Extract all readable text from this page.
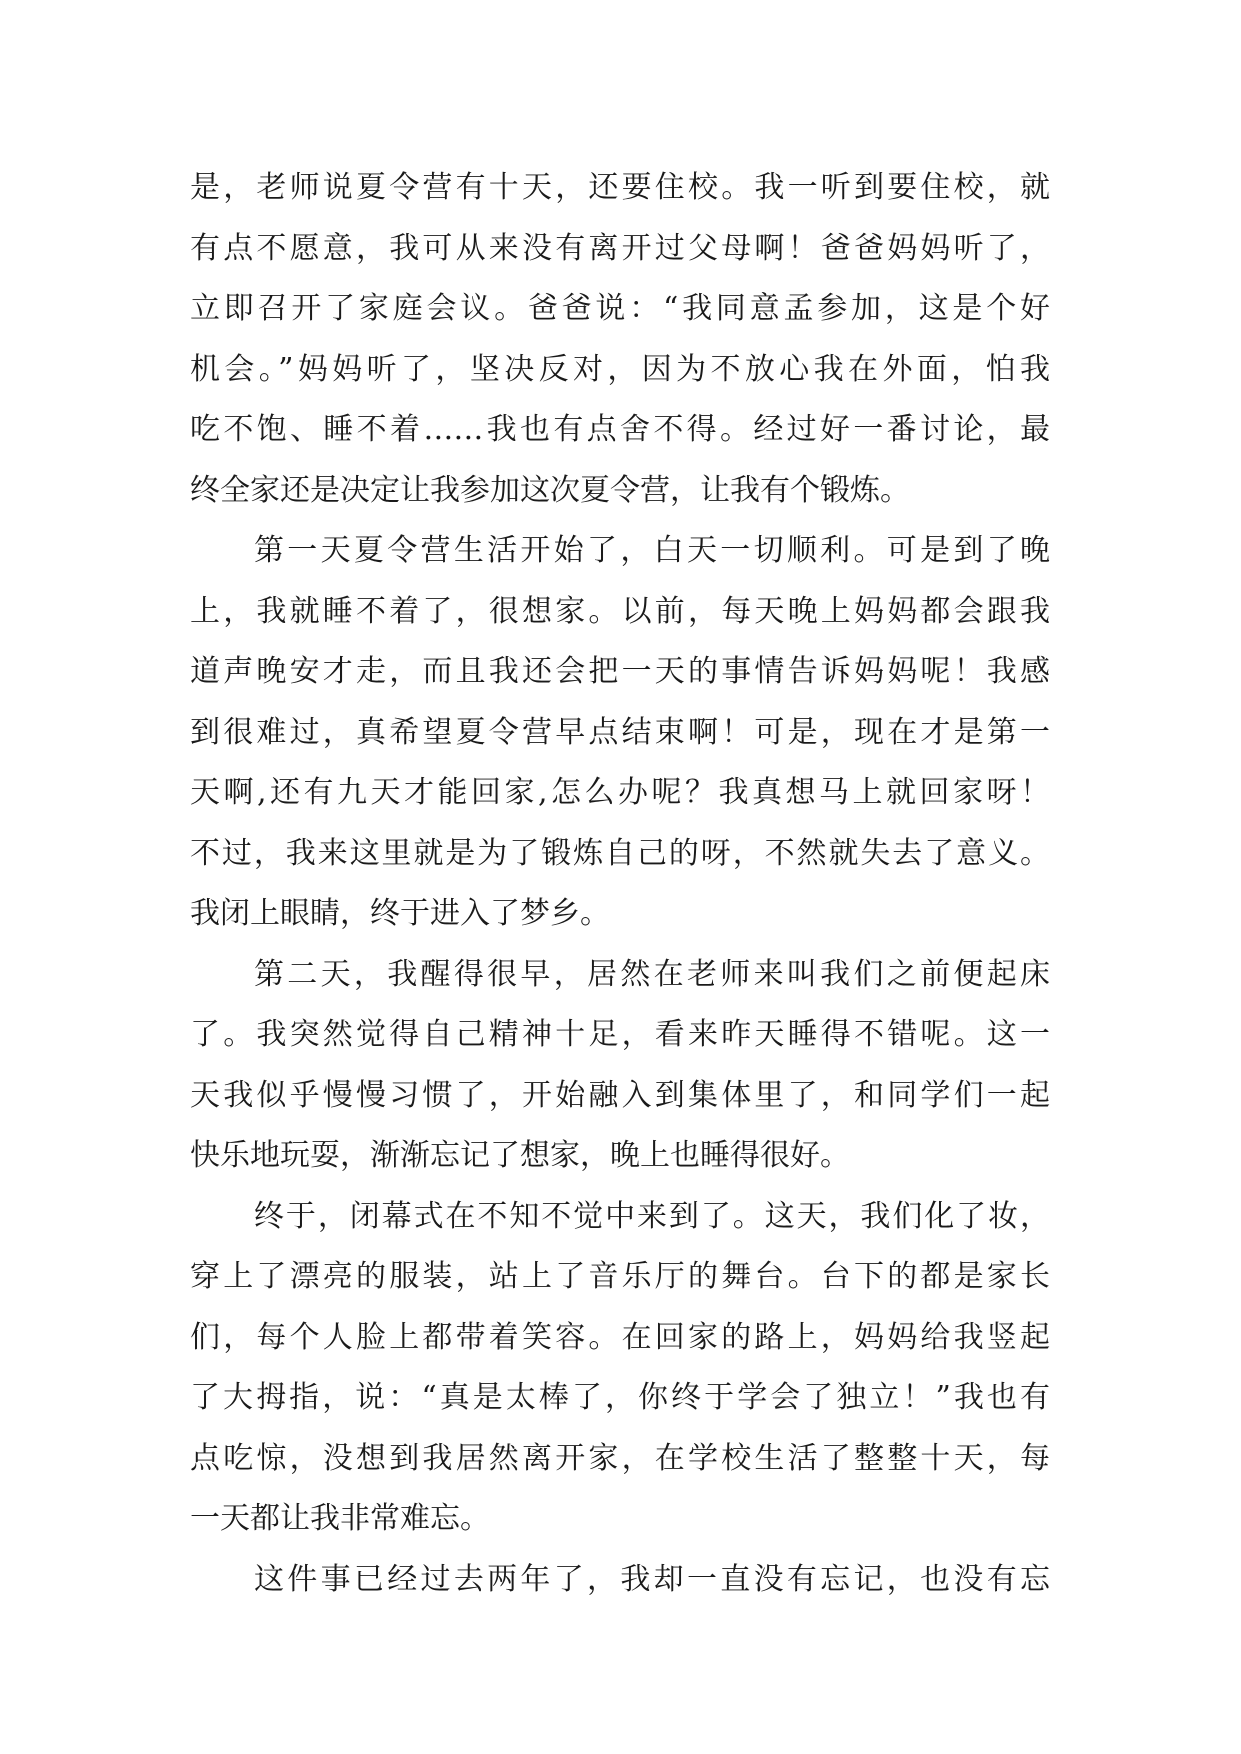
是，老师说夏令营有十天，还要住校。我一听到要住校，就
有点不愿意，我可从来没有离开过父母啊！爸爸妈妈听了，
立即召开了家庭会议。爸爸说：“我同意孟参加，这是个好
机会。”妈妈听了，坚决反对，因为不放心我在外面，怕我
吃不饱、睡不着……我也有点舍不得。经过好一番讨论，最
终全家还是决定让我参加这次夏令营，让我有个锻炼。
第一天夏令营生活开始了，白天一切顺利。可是到了晚
上，我就睡不着了，很想家。以前，每天晚上妈妈都会跟我
道声晚安才走，而且我还会把一天的事情告诉妈妈呢！我感
到很难过，真希望夏令营早点结束啊！可是，现在才是第一
天啊,还有九天才能回家,怎么办呢？我真想马上就回家呀！
不过，我来这里就是为了锻炼自己的呀，不然就失去了意义。
我闭上眼睛，终于进入了梦乡。
第二天，我醒得很早，居然在老师来叫我们之前便起床
了。我突然觉得自己精神十足，看来昨天睡得不错呢。这一
天我似乎慢慢习惯了，开始融入到集体里了，和同学们一起
快乐地玩耍，渐渐忘记了想家，晚上也睡得很好。
终于，闭幕式在不知不觉中来到了。这天，我们化了妆，
穿上了漂亮的服装，站上了音乐厅的舞台。台下的都是家长
们，每个人脸上都带着笑容。在回家的路上，妈妈给我竖起
了大拇指，说：“真是太棒了，你终于学会了独立！”我也有
点吃惊，没想到我居然离开家，在学校生活了整整十天，每
一天都让我非常难忘。
这件事已经过去两年了，我却一直没有忘记，也没有忘
